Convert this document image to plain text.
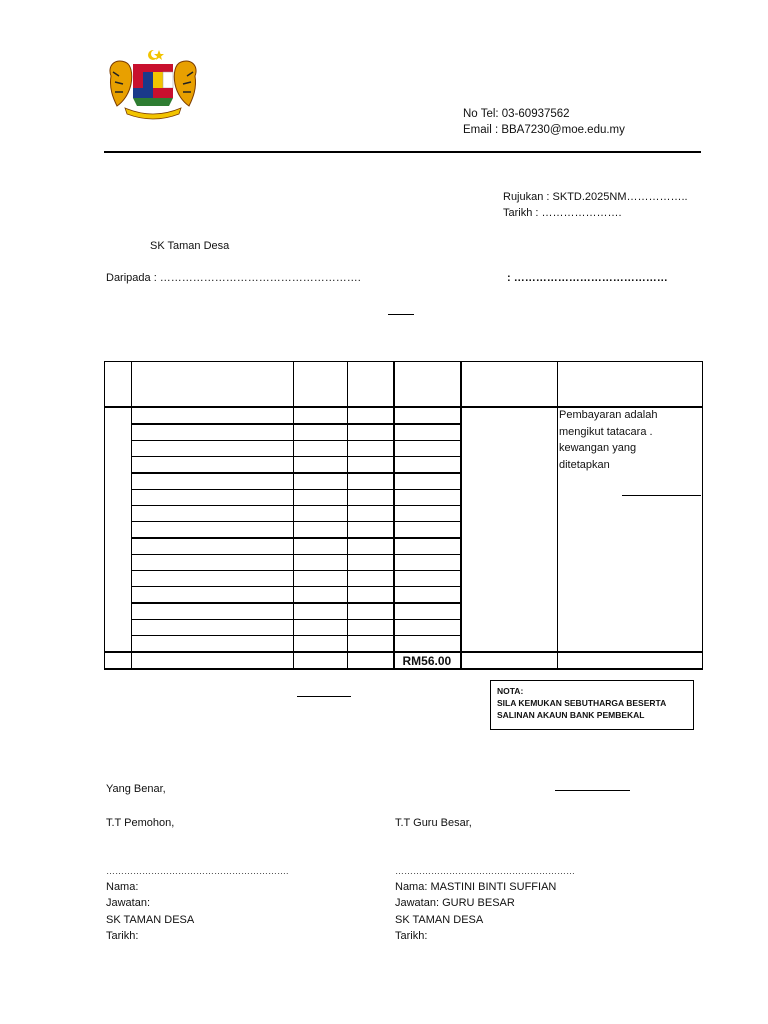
No Tel: 03-60937562
Email : BBA7230@moe.edu.my
Rujukan : SKTD.2025NM……………..
Tarikh : ………………….
SK Taman Desa
Daripada : ……………………………………………….	: ……………………………………

				RM56.00		
Pembayaran adalah
mengikut tatacara .
kewangan yang
ditetapkan
NOTA:
SILA KEMUKAN SEBUTHARGA BESERTA
SALINAN AKAUN BANK PEMBEKAL
Yang Benar,
T.T Pemohon,	T.T Guru Besar,
…………………………………………………….	……………………………………………………
Nama:
Jawatan:
SK TAMAN DESA
Tarikh:
Nama: MASTINI BINTI SUFFIAN
Jawatan: GURU BESAR
SK TAMAN DESA
Tarikh:
